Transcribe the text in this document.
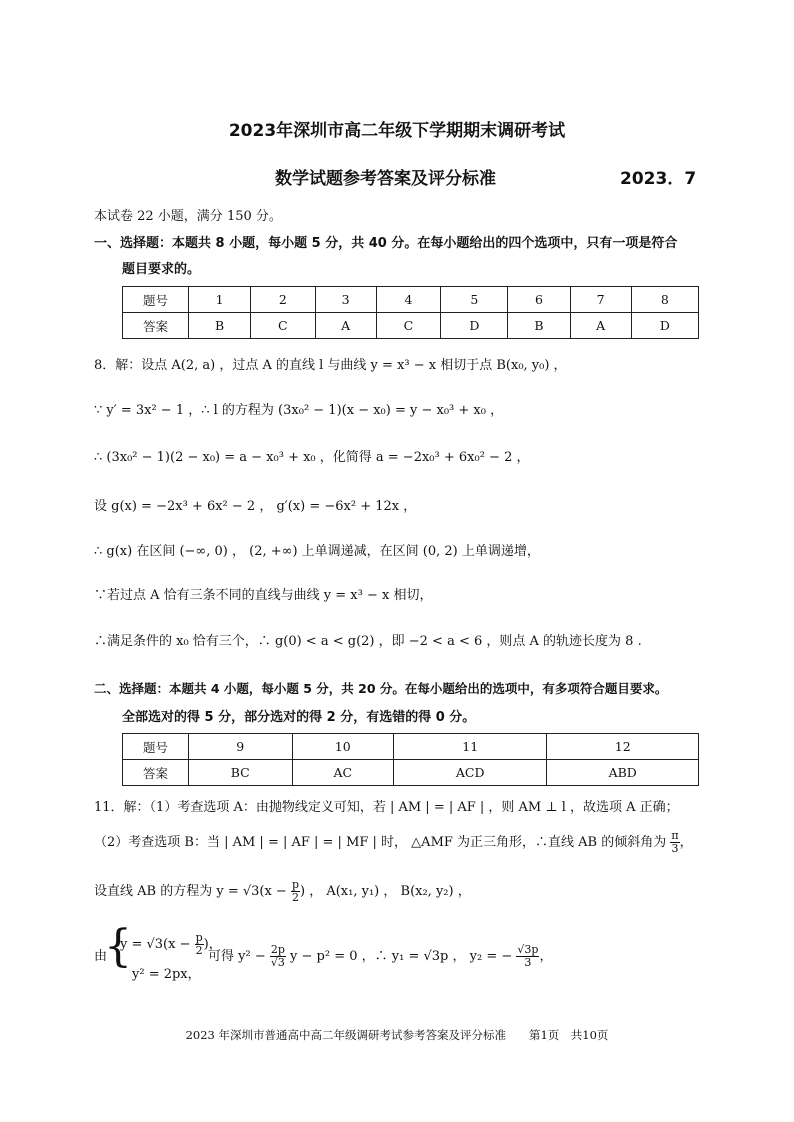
2023年深圳市高二年级下学期期末调研考试
数学试题参考答案及评分标准	2023．7
本试卷 22 小题，满分 150 分。
一、选择题：本题共 8 小题，每小题 5 分，共 40 分。在每小题给出的四个选项中，只有一项是符合
题目要求的。
题号	1	2	3	4	5	6	7	8
答案	B	C	A	C	D	B	A	D
8．解：设点 A(2, a) ，过点 A 的直线 l 与曲线 y = x³ − x 相切于点 B(x₀, y₀) ，
∵ y′ = 3x² − 1 ，∴ l 的方程为 (3x₀² − 1)(x − x₀) = y − x₀³ + x₀ ，
∴ (3x₀² − 1)(2 − x₀) = a − x₀³ + x₀ ，化简得 a = −2x₀³ + 6x₀² − 2 ，
设 g(x) = −2x³ + 6x² − 2 ， g′(x) = −6x² + 12x ，
∴ g(x) 在区间 (−∞, 0) ， (2, +∞) 上单调递减，在区间 (0, 2) 上单调递增，
∵若过点 A 恰有三条不同的直线与曲线 y = x³ − x 相切，
∴满足条件的 x₀ 恰有三个，∴ g(0) < a < g(2) ，即 −2 < a < 6 ，则点 A 的轨迹长度为 8 .
二、选择题：本题共 4 小题，每小题 5 分，共 20 分。在每小题给出的选项中，有多项符合题目要求。
全部选对的得 5 分，部分选对的得 2 分，有选错的得 0 分。
题号	9	10	11	12
答案	BC	AC	ACD	ABD
11．解：（1）考查选项 A：由抛物线定义可知，若 | AM | = | AF | ，则 AM ⊥ l ，故选项 A 正确；
（2）考查选项 B：当 | AM | = | AF | = | MF | 时， △AMF 为正三角形，∴直线 AB 的倾斜角为 $\frac{\pi}{3}$ ，
设直线 AB 的方程为 $y = √3(x - \frac{p}{2}$ ) ， A(x₁, y₁) ， B(x₂, y₂) ，
由
{
$y = √3(x - \frac{p}{2}$ )，
y² = 2px，
可得 $y^2 - \frac{2p}{√3}$ y − p² = 0 ，∴ y₁ = √3p ， y₂ = − $\frac{√3p}{3}$ ，
2023 年深圳市普通高中高二年级调研考试参考答案及评分标准　　第1页　共10页
